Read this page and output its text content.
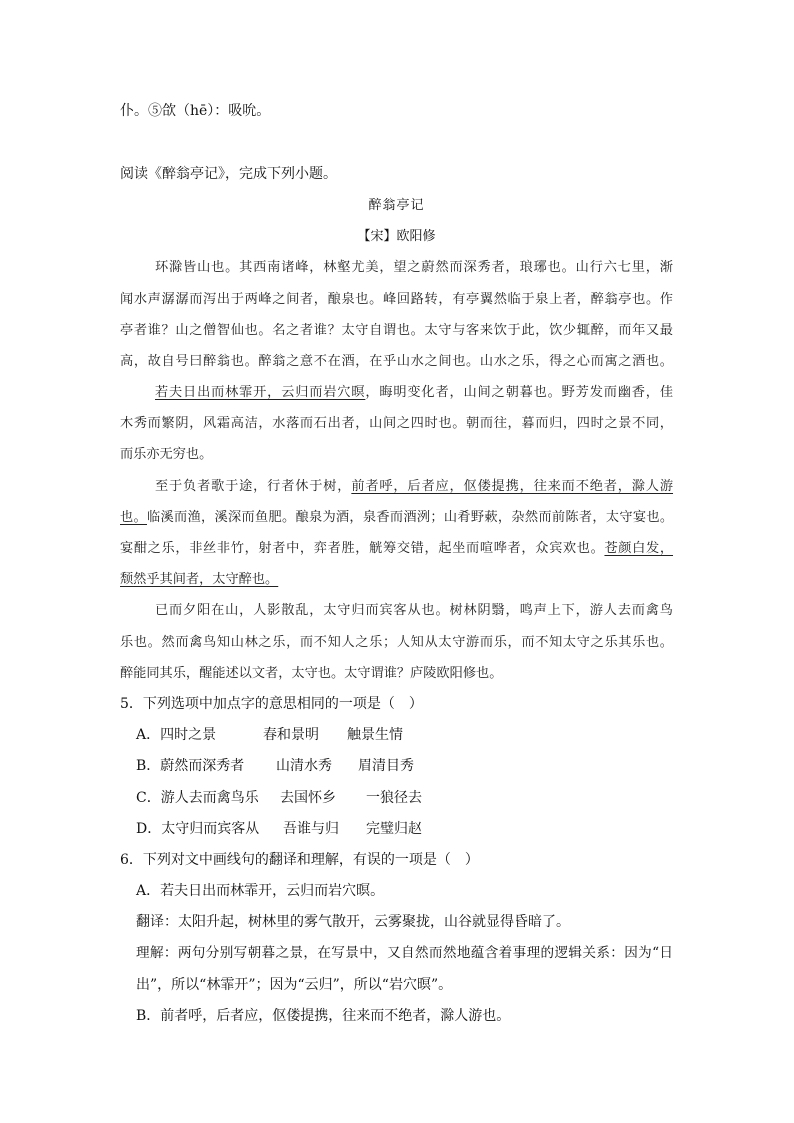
仆。⑤欱（hē）：吸吮。
阅读《醉翁亭记》，完成下列小题。
醉翁亭记
【宋】欧阳修
环滁皆山也。其西南诸峰，林壑尤美，望之蔚然而深秀者，琅琊也。山行六七里，渐
闻水声潺潺而泻出于两峰之间者，酿泉也。峰回路转，有亭翼然临于泉上者，醉翁亭也。作
亭者谁？山之僧智仙也。名之者谁？太守自谓也。太守与客来饮于此，饮少辄醉，而年又最
高，故自号曰醉翁也。醉翁之意不在酒，在乎山水之间也。山水之乐，得之心而寓之酒也。
若夫日出而林霏开，云归而岩穴暝，晦明变化者，山间之朝暮也。野芳发而幽香，佳
木秀而繁阴，风霜高洁，水落而石出者，山间之四时也。朝而往，暮而归，四时之景不同，
而乐亦无穷也。
至于负者歌于途，行者休于树，前者呼，后者应，伛偻提携，往来而不绝者，滁人游
也。临溪而渔，溪深而鱼肥。酿泉为酒，泉香而酒洌；山肴野蔌，杂然而前陈者，太守宴也。
宴酣之乐，非丝非竹，射者中，弈者胜，觥筹交错，起坐而喧哗者，众宾欢也。苍颜白发，
颓然乎其间者，太守醉也。
已而夕阳在山，人影散乱，太守归而宾客从也。树林阴翳，鸣声上下，游人去而禽鸟
乐也。然而禽鸟知山林之乐，而不知人之乐；人知从太守游而乐，而不知太守之乐其乐也。
醉能同其乐，醒能述以文者，太守也。太守谓谁？庐陵欧阳修也。
5．下列选项中加点字的意思相同的一项是（　）
A．四时之景	春和景明 触景生情
B．蔚然而深秀者 山清水秀 眉清目秀
C．游人去而禽鸟乐 去国怀乡 一狼径去
D．太守归而宾客从 吾谁与归 完璧归赵
6．下列对文中画线句的翻译和理解，有误的一项是（　）
A．若夫日出而林霏开，云归而岩穴暝。
翻译：太阳升起，树林里的雾气散开，云雾聚拢，山谷就显得昏暗了。
理解：两句分别写朝暮之景，在写景中，又自然而然地蕴含着事理的逻辑关系：因为“日
出”，所以“林霏开”；因为“云归”，所以“岩穴暝”。
B．前者呼，后者应，伛偻提携，往来而不绝者，滁人游也。
